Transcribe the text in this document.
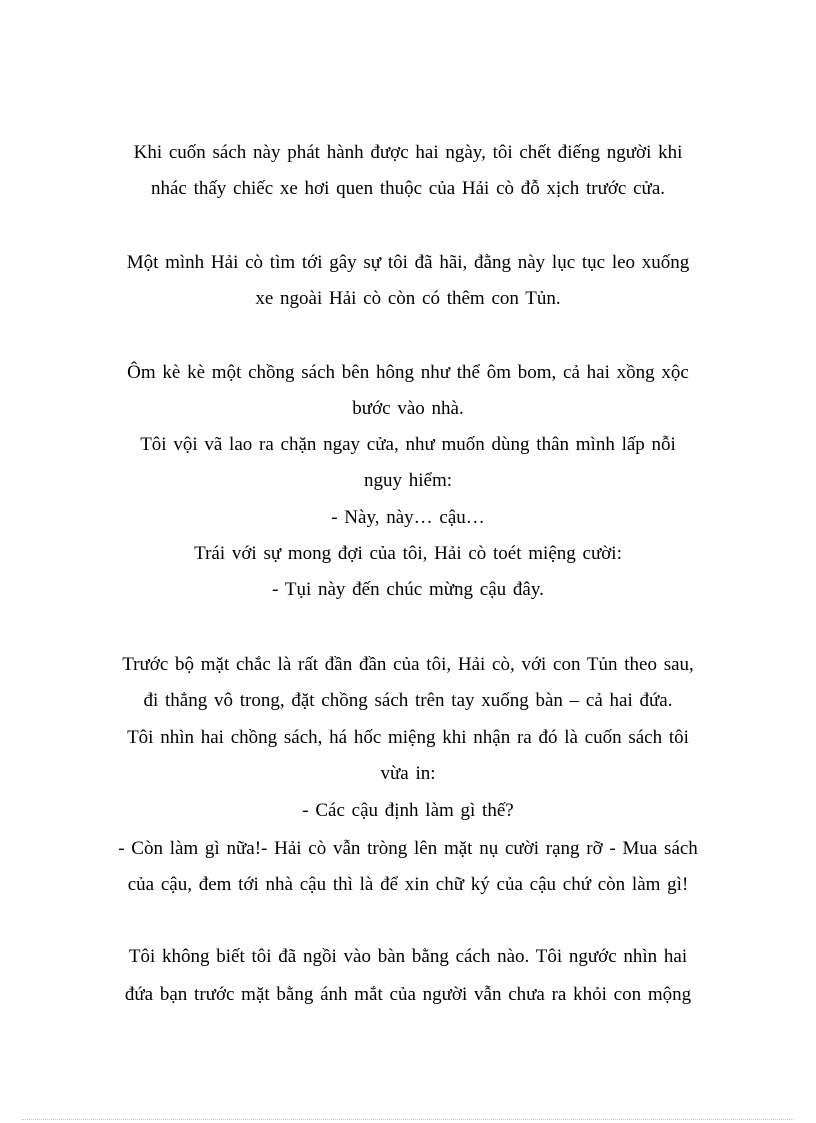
Khi cuốn sách này phát hành được hai ngày, tôi chết điếng người khi
nhác thấy chiếc xe hơi quen thuộc của Hải cò đỗ xịch trước cửa.
Một mình Hải cò tìm tới gây sự tôi đã hãi, đằng này lục tục leo xuống
xe ngoài Hải cò còn có thêm con Tủn.
Ôm kè kè một chồng sách bên hông như thể ôm bom, cả hai xồng xộc
bước vào nhà.
Tôi vội vã lao ra chặn ngay cửa, như muốn dùng thân mình lấp nỗi
nguy hiểm:
- Này, này… cậu…
Trái với sự mong đợi của tôi, Hải cò toét miệng cười:
- Tụi này đến chúc mừng cậu đây.
Trước bộ mặt chắc là rất đần đần của tôi, Hải cò, với con Tủn theo sau,
đi thẳng vô trong, đặt chồng sách trên tay xuống bàn – cả hai đứa.
Tôi nhìn hai chồng sách, há hốc miệng khi nhận ra đó là cuốn sách tôi
vừa in:
- Các cậu định làm gì thế?
- Còn làm gì nữa!- Hải cò vẫn tròng lên mặt nụ cười rạng rỡ - Mua sách
của cậu, đem tới nhà cậu thì là để xin chữ ký của cậu chứ còn làm gì!
Tôi không biết tôi đã ngồi vào bàn bằng cách nào. Tôi ngước nhìn hai
đứa bạn trước mặt bằng ánh mắt của người vẫn chưa ra khỏi con mộng
